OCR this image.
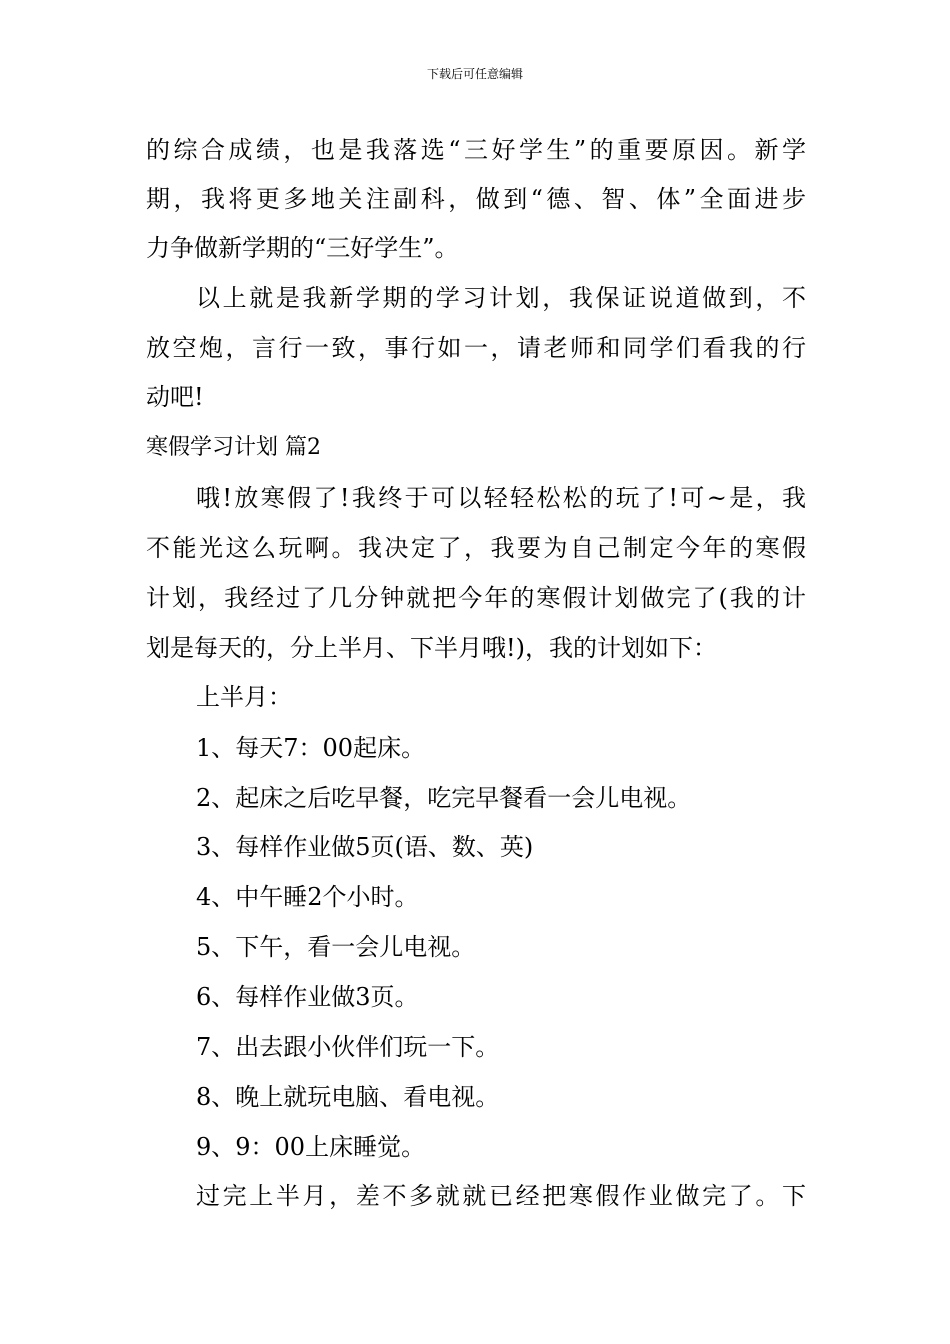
下载后可任意编辑
的综合成绩，也是我落选“三好学生”的重要原因。新学
期，我将更多地关注副科，做到“德、智、体”全面进步
力争做新学期的“三好学生”。
以上就是我新学期的学习计划，我保证说道做到，不
放空炮，言行一致，事行如一，请老师和同学们看我的行
动吧!
寒假学习计划 篇2
哦!放寒假了!我终于可以轻轻松松的玩了!可~是，我
不能光这么玩啊。我决定了，我要为自己制定今年的寒假
计划，我经过了几分钟就把今年的寒假计划做完了(我的计
划是每天的，分上半月、下半月哦!)，我的计划如下：
上半月：
1、每天7：00起床。
2、起床之后吃早餐，吃完早餐看一会儿电视。
3、每样作业做5页(语、数、英)
4、中午睡2个小时。
5、下午，看一会儿电视。
6、每样作业做3页。
7、出去跟小伙伴们玩一下。
8、晚上就玩电脑、看电视。
9、9：00上床睡觉。
过完上半月，差不多就就已经把寒假作业做完了。下
